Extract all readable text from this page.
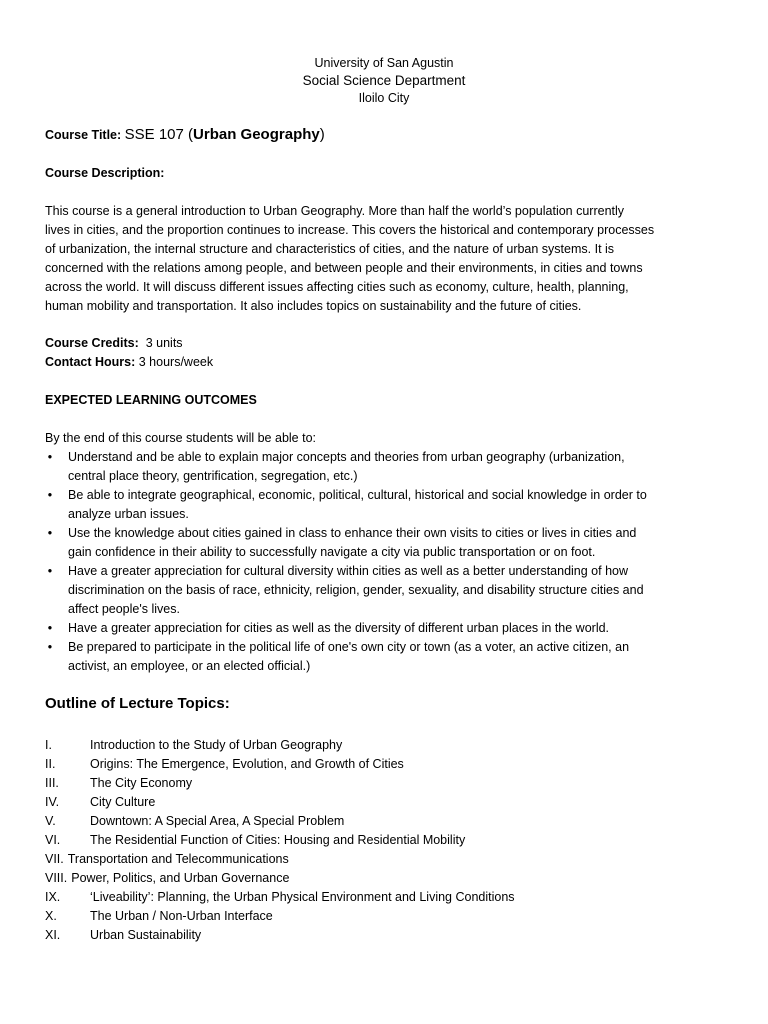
University of San Agustin
Social Science Department
Iloilo City
Course Title: SSE 107 (Urban Geography)
Course Description:
This course is a general introduction to Urban Geography. More than half the world’s population currently
lives in cities, and the proportion continues to increase. This covers the historical and contemporary processes
of urbanization, the internal structure and characteristics of cities, and the nature of urban systems. It is
concerned with the relations among people, and between people and their environments, in cities and towns
across the world. It will discuss different issues affecting cities such as economy, culture, health, planning,
human mobility and transportation. It also includes topics on sustainability and the future of cities.
Course Credits:  3 units
Contact Hours: 3 hours/week
EXPECTED LEARNING OUTCOMES
By the end of this course students will be able to:
• Understand and be able to explain major concepts and theories from urban geography (urbanization,
central place theory, gentrification, segregation, etc.)
• Be able to integrate geographical, economic, political, cultural, historical and social knowledge in order to
analyze urban issues.
• Use the knowledge about cities gained in class to enhance their own visits to cities or lives in cities and
gain confidence in their ability to successfully navigate a city via public transportation or on foot.
• Have a greater appreciation for cultural diversity within cities as well as a better understanding of how
discrimination on the basis of race, ethnicity, religion, gender, sexuality, and disability structure cities and
affect people's lives.
• Have a greater appreciation for cities as well as the diversity of different urban places in the world.
• Be prepared to participate in the political life of one's own city or town (as a voter, an active citizen, an
activist, an employee, or an elected official.)
Outline of Lecture Topics:
I.	Introduction to the Study of Urban Geography
II.	Origins: The Emergence, Evolution, and Growth of Cities
III. The City Economy
IV. City Culture
V.	Downtown: A Special Area, A Special Problem
VI. The Residential Function of Cities: Housing and Residential Mobility
VII. Transportation and Telecommunications
VIII. Power, Politics, and Urban Governance
IX. ‘Liveability’: Planning, the Urban Physical Environment and Living Conditions
X.	The Urban / Non-Urban Interface
XI. Urban Sustainability
